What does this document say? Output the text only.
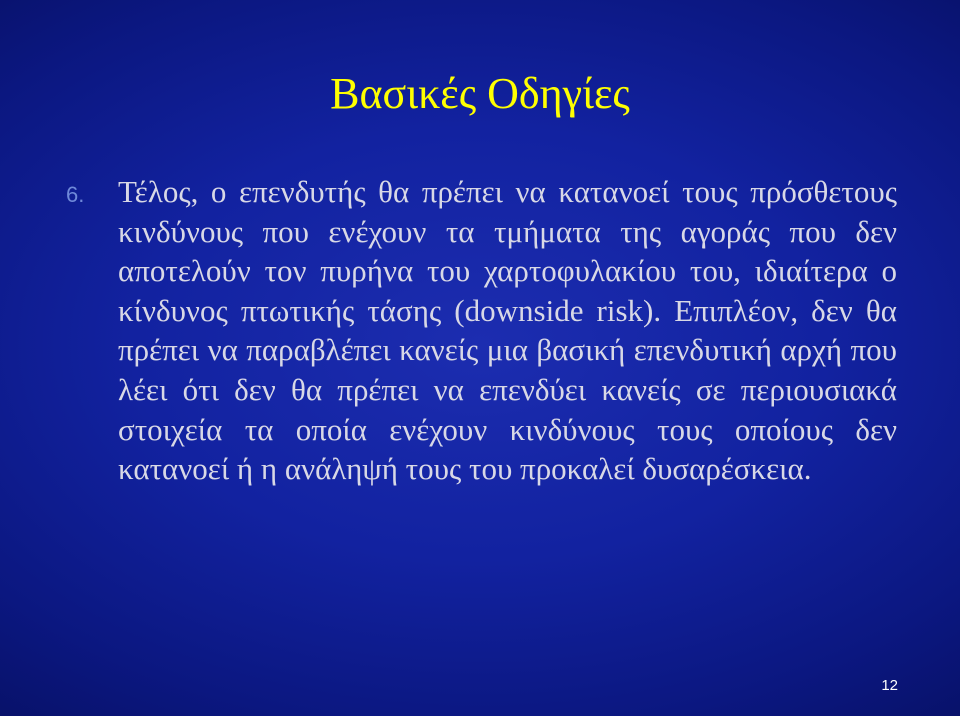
Βασικές Οδηγίες
6. Τέλος, ο επενδυτής θα πρέπει να κατανοεί τους πρόσθετους κινδύνους που ενέχουν τα τμήματα της αγοράς που δεν αποτελούν τον πυρήνα του χαρτοφυλακίου του, ιδιαίτερα ο κίνδυνος πτωτικής τάσης (downside risk). Επιπλέον, δεν θα πρέπει να παραβλέπει κανείς μια βασική επενδυτική αρχή που λέει ότι δεν θα πρέπει να επενδύει κανείς σε περιουσιακά στοιχεία τα οποία ενέχουν κινδύνους τους οποίους δεν κατανοεί ή η ανάληψή τους του προκαλεί δυσαρέσκεια.

12
